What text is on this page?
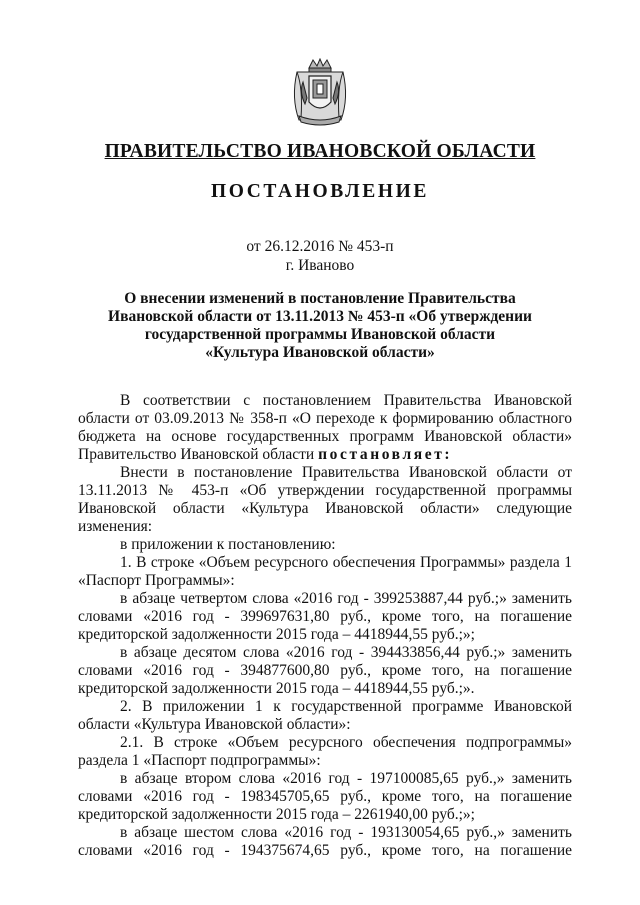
ПРАВИТЕЛЬСТВО ИВАНОВСКОЙ ОБЛАСТИ
ПОСТАНОВЛЕНИЕ
от 26.12.2016 № 453-п
г. Иваново
О внесении изменений в постановление Правительства
Ивановской области от 13.11.2013 № 453-п «Об утверждении
государственной программы Ивановской области
«Культура Ивановской области»
В соответствии с постановлением Правительства Ивановской
области от 03.09.2013 № 358-п «О переходе к формированию областного
бюджета на основе государственных программ Ивановской области»
Правительство Ивановской области постановляет:
Внести в постановление Правительства Ивановской области от
13.11.2013 № 453-п «Об утверждении государственной программы
Ивановской области «Культура Ивановской области» следующие
изменения:
в приложении к постановлению:
1. В строке «Объем ресурсного обеспечения Программы» раздела 1
«Паспорт Программы»:
в абзаце четвертом слова «2016 год - 399253887,44 руб.;» заменить
словами «2016 год - 399697631,80 руб., кроме того, на погашение
кредиторской задолженности 2015 года – 4418944,55 руб.;»;
в абзаце десятом слова «2016 год - 394433856,44 руб.;» заменить
словами «2016 год - 394877600,80 руб., кроме того, на погашение
кредиторской задолженности 2015 года – 4418944,55 руб.;».
2. В приложении 1 к государственной программе Ивановской
области «Культура Ивановской области»:
2.1. В строке «Объем ресурсного обеспечения подпрограммы»
раздела 1 «Паспорт подпрограммы»:
в абзаце втором слова «2016 год - 197100085,65 руб.,» заменить
словами «2016 год - 198345705,65 руб., кроме того, на погашение
кредиторской задолженности 2015 года – 2261940,00 руб.;»;
в абзаце шестом слова «2016 год - 193130054,65 руб.,» заменить
словами «2016 год - 194375674,65 руб., кроме того, на погашение
